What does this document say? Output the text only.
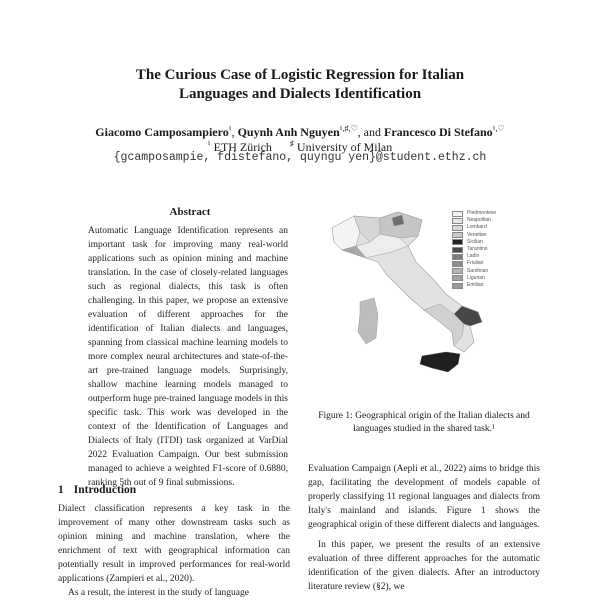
The Curious Case of Logistic Regression for Italian
Languages and Dialects Identification
Giacomo Camposampiero♮, Quynh Anh Nguyen♮,♯,♡, and Francesco Di Stefano♮,♡
♮ ETH Zürich ♯ University of Milan
{gcamposampie, fdistefano, quyngu yen}@student.ethz.ch
Abstract
Automatic Language Identification represents an important task for improving many real-world applications such as opinion mining and machine translation. In the case of closely-related languages such as regional dialects, this task is often challenging. In this paper, we propose an extensive evaluation of different approaches for the identification of Italian dialects and languages, spanning from classical machine learning models to more complex neural architectures and state-of-the-art pre-trained language models. Surprisingly, shallow machine learning models managed to outperform huge pre-trained language models in this specific task. This work was developed in the context of the Identification of Languages and Dialects of Italy (ITDI) task organized at VarDial 2022 Evaluation Campaign. Our best submission managed to achieve a weighted F1-score of 0.6880, ranking 5th out of 9 final submissions.
1 Introduction

Dialect classification represents a key task in the improvement of many other downstream tasks such as opinion mining and machine translation, where the enrichment of text with geographical information can potentially result in improved performances for real-world applications (Zampieri et al., 2020).

As a result, the interest in the study of language

Piedmontese
Neapolitan
Lombard
Venetian
Sicilian
Tarantino
Ladin
Friulian
Sardinian
Ligurian
Emilian
Figure 1: Geographical origin of the Italian dialects and languages studied in the shared task.¹

Evaluation Campaign (Aepli et al., 2022) aims to bridge this gap, facilitating the development of models capable of properly classifying 11 regional languages and dialects from Italy's mainland and islands. Figure 1 shows the geographical origin of these different dialects and languages.

In this paper, we present the results of an extensive evaluation of three different approaches for the automatic identification of the given dialects. After an introductory literature review (§2), we
